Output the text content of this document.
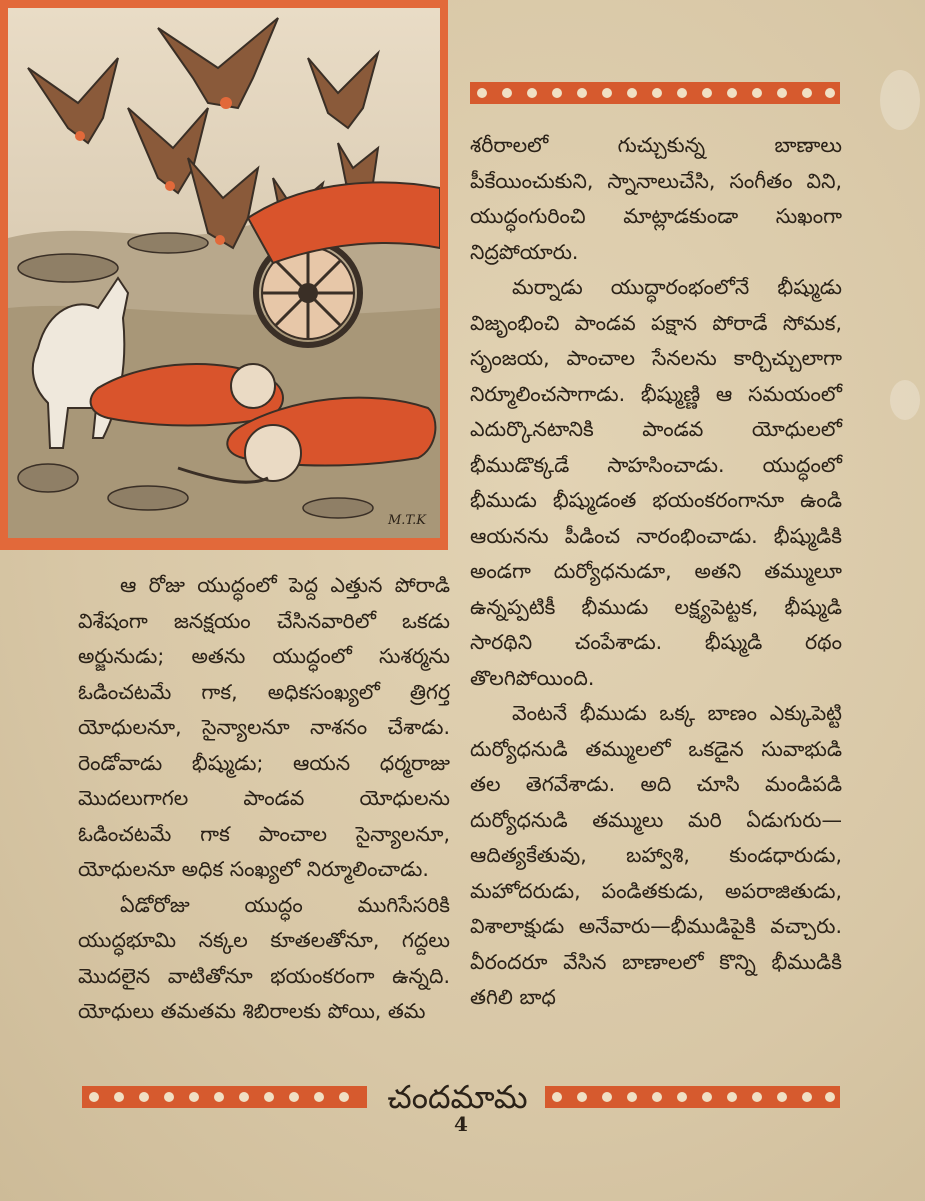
M.T.K

శరీరాలలో గుచ్చుకున్న బాణాలు పీకేయించుకుని, స్నానాలుచేసి, సంగీతం విని, యుద్ధంగురించి మాట్లాడకుండా సుఖంగా నిద్రపోయారు.

మర్నాడు యుద్ధారంభంలోనే భీష్ముడు విజృంభించి పాండవ పక్షాన పోరాడే సోమక, సృంజయ, పాంచాల సేనలను కార్చిచ్చులాగా నిర్మూలించసాగాడు. భీష్ముణ్ణి ఆ సమయంలో ఎదుర్కొనటానికి పాండవ యోధులలో భీముడొక్కడే సాహసించాడు. యుద్ధంలో భీముడు భీష్ముడంత భయంకరంగానూ ఉండి ఆయనను పీడించ నారంభించాడు. భీష్ముడికి అండగా దుర్యోధనుడూ, అతని తమ్ములూ ఉన్నప్పటికీ భీముడు లక్ష్యపెట్టక, భీష్ముడి సారథిని చంపేశాడు. భీష్ముడి రథం తొలగిపోయింది.

వెంటనే భీముడు ఒక్క బాణం ఎక్కుపెట్టి దుర్యోధనుడి తమ్ములలో ఒకడైన సువాభుడి తల తెగవేశాడు. అది చూసి మండిపడి దుర్యోధనుడి తమ్ములు మరి ఏడుగురు—ఆదిత్యకేతువు, బహ్వాశి, కుండధారుడు, మహోదరుడు, పండితకుడు, అపరాజితుడు, విశాలాక్షుడు అనేవారు—భీముడిపైకి వచ్చారు. వీరందరూ వేసిన బాణాలలో కొన్ని భీముడికి తగిలి బాధ

ఆ రోజు యుద్ధంలో పెద్ద ఎత్తున పోరాడి విశేషంగా జనక్షయం చేసినవారిలో ఒకడు అర్జునుడు; అతను యుద్ధంలో సుశర్మను ఓడించటమే గాక, అధికసంఖ్యలో త్రిగర్త యోధులనూ, సైన్యాలనూ నాశనం చేశాడు. రెండోవాడు భీష్ముడు; ఆయన ధర్మరాజు మొదలుగాగల పాండవ యోధులను ఓడించటమే గాక పాంచాల సైన్యాలనూ, యోధులనూ అధిక సంఖ్యలో నిర్మూలించాడు.

ఏడోరోజు యుద్ధం ముగిసేసరికి యుద్ధభూమి నక్కల కూతలతోనూ, గద్దలు మొదలైన వాటితోనూ భయంకరంగా ఉన్నది. యోధులు తమతమ శిబిరాలకు పోయి, తమ

చందమామ
4
